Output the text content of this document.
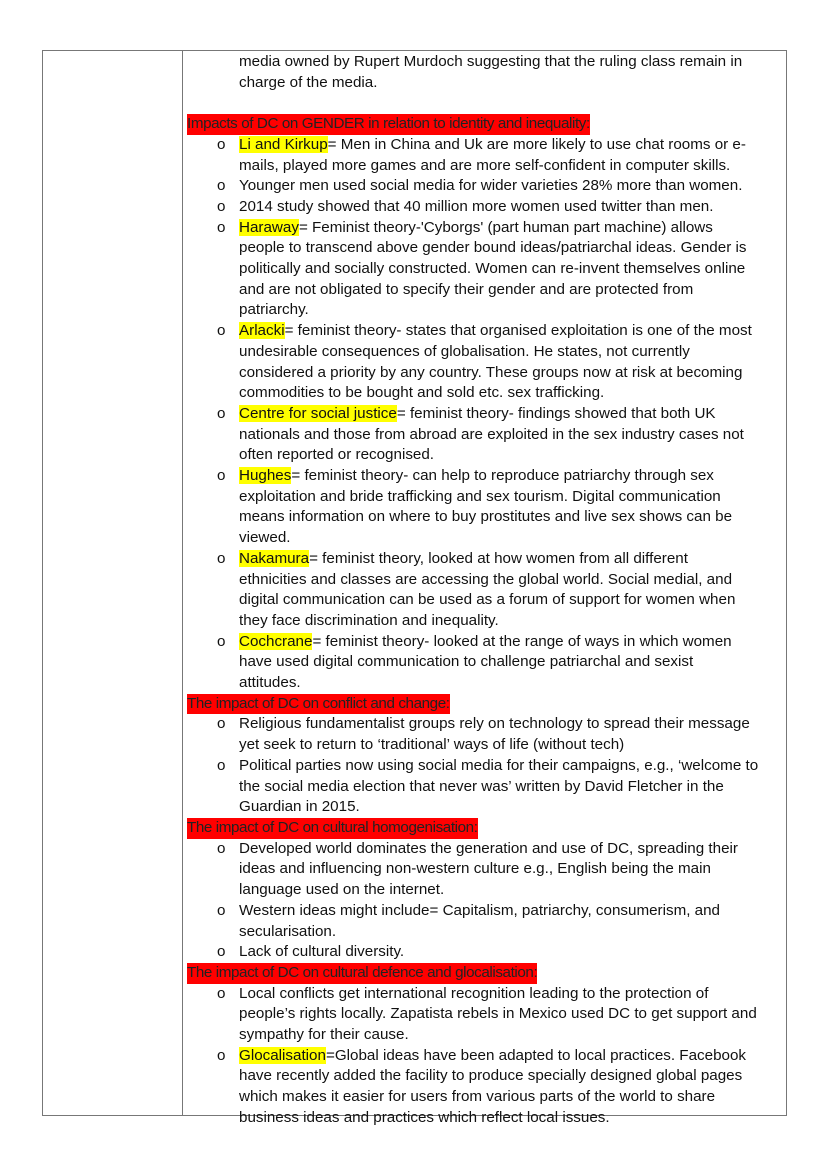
media owned by Rupert Murdoch suggesting that the ruling class remain in
charge of the media.
Impacts of DC on GENDER in relation to identity and inequality:
o Li and Kirkup= Men in China and Uk are more likely to use chat rooms or e-
mails, played more games and are more self-confident in computer skills.
o Younger men used social media for wider varieties 28% more than women.
o 2014 study showed that 40 million more women used twitter than men.
o Haraway= Feminist theory-'Cyborgs' (part human part machine) allows
people to transcend above gender bound ideas/patriarchal ideas. Gender is
politically and socially constructed. Women can re-invent themselves online
and are not obligated to specify their gender and are protected from
patriarchy.
o Arlacki= feminist theory- states that organised exploitation is one of the most
undesirable consequences of globalisation. He states, not currently
considered a priority by any country. These groups now at risk at becoming
commodities to be bought and sold etc. sex trafficking.
o Centre for social justice= feminist theory- findings showed that both UK
nationals and those from abroad are exploited in the sex industry cases not
often reported or recognised.
o Hughes= feminist theory- can help to reproduce patriarchy through sex
exploitation and bride trafficking and sex tourism. Digital communication
means information on where to buy prostitutes and live sex shows can be
viewed.
o Nakamura= feminist theory, looked at how women from all different
ethnicities and classes are accessing the global world. Social medial, and
digital communication can be used as a forum of support for women when
they face discrimination and inequality.
o Cochcrane= feminist theory- looked at the range of ways in which women
have used digital communication to challenge patriarchal and sexist
attitudes.
The impact of DC on conflict and change:
o Religious fundamentalist groups rely on technology to spread their message
yet seek to return to ‘traditional’ ways of life (without tech)
o Political parties now using social media for their campaigns, e.g., ‘welcome to
the social media election that never was’ written by David Fletcher in the
Guardian in 2015.
The impact of DC on cultural homogenisation:
o Developed world dominates the generation and use of DC, spreading their
ideas and influencing non-western culture e.g., English being the main
language used on the internet.
o Western ideas might include= Capitalism, patriarchy, consumerism, and
secularisation.
o Lack of cultural diversity.
The impact of DC on cultural defence and glocalisation:
o Local conflicts get international recognition leading to the protection of
people’s rights locally. Zapatista rebels in Mexico used DC to get support and
sympathy for their cause.
o Glocalisation=Global ideas have been adapted to local practices. Facebook
have recently added the facility to produce specially designed global pages
which makes it easier for users from various parts of the world to share
business ideas and practices which reflect local issues.
